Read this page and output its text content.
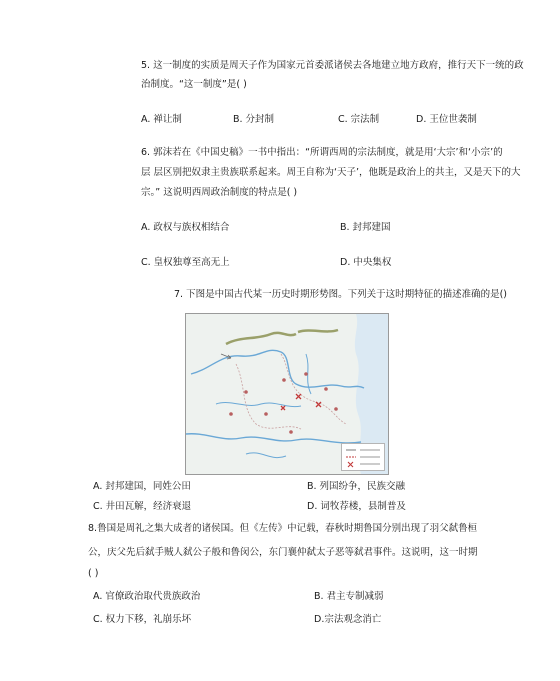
5. 这一制度的实质是周天子作为国家元首委派诸侯去各地建立地方政府，推行天下一统的政
治制度。“这一制度”是( )
A. 禅让制	B. 分封制	C. 宗法制	D. 王位世袭制
6. 郭沫若在《中国史稿》一书中指出：“所谓西周的宗法制度，就是用‘大宗’和‘小宗’的
层 层区别把奴隶主贵族联系起来。周王自称为‘天子’，他既是政治上的共主，又是天下的大
宗。” 这说明西周政治制度的特点是( )
A. 政权与族权相结合	B. 封邦建国
C. 皇权独尊至高无上	D. 中央集权
7. 下图是中国古代某一历史时期形势图。下列关于这时期特征的描述准确的是()
A. 封邦建国，同姓公田	B. 列国纷争，民族交融
C. 井田瓦解，经济衰退	D. 词牧荐楼，县制普及
8.鲁国是周礼之集大成者的诸侯国。但《左传》中记载，春秋时期鲁国分别出现了羽父弑鲁桓
公，庆父先后弑手贼人弑公子般和鲁闵公，东门襄仲弑太子恶等弑君事件。这说明，这一时期
( )
A. 官僚政治取代贵族政治	B. 君主专制减弱
C. 权力下移，礼崩乐坏	D.宗法观念消亡
